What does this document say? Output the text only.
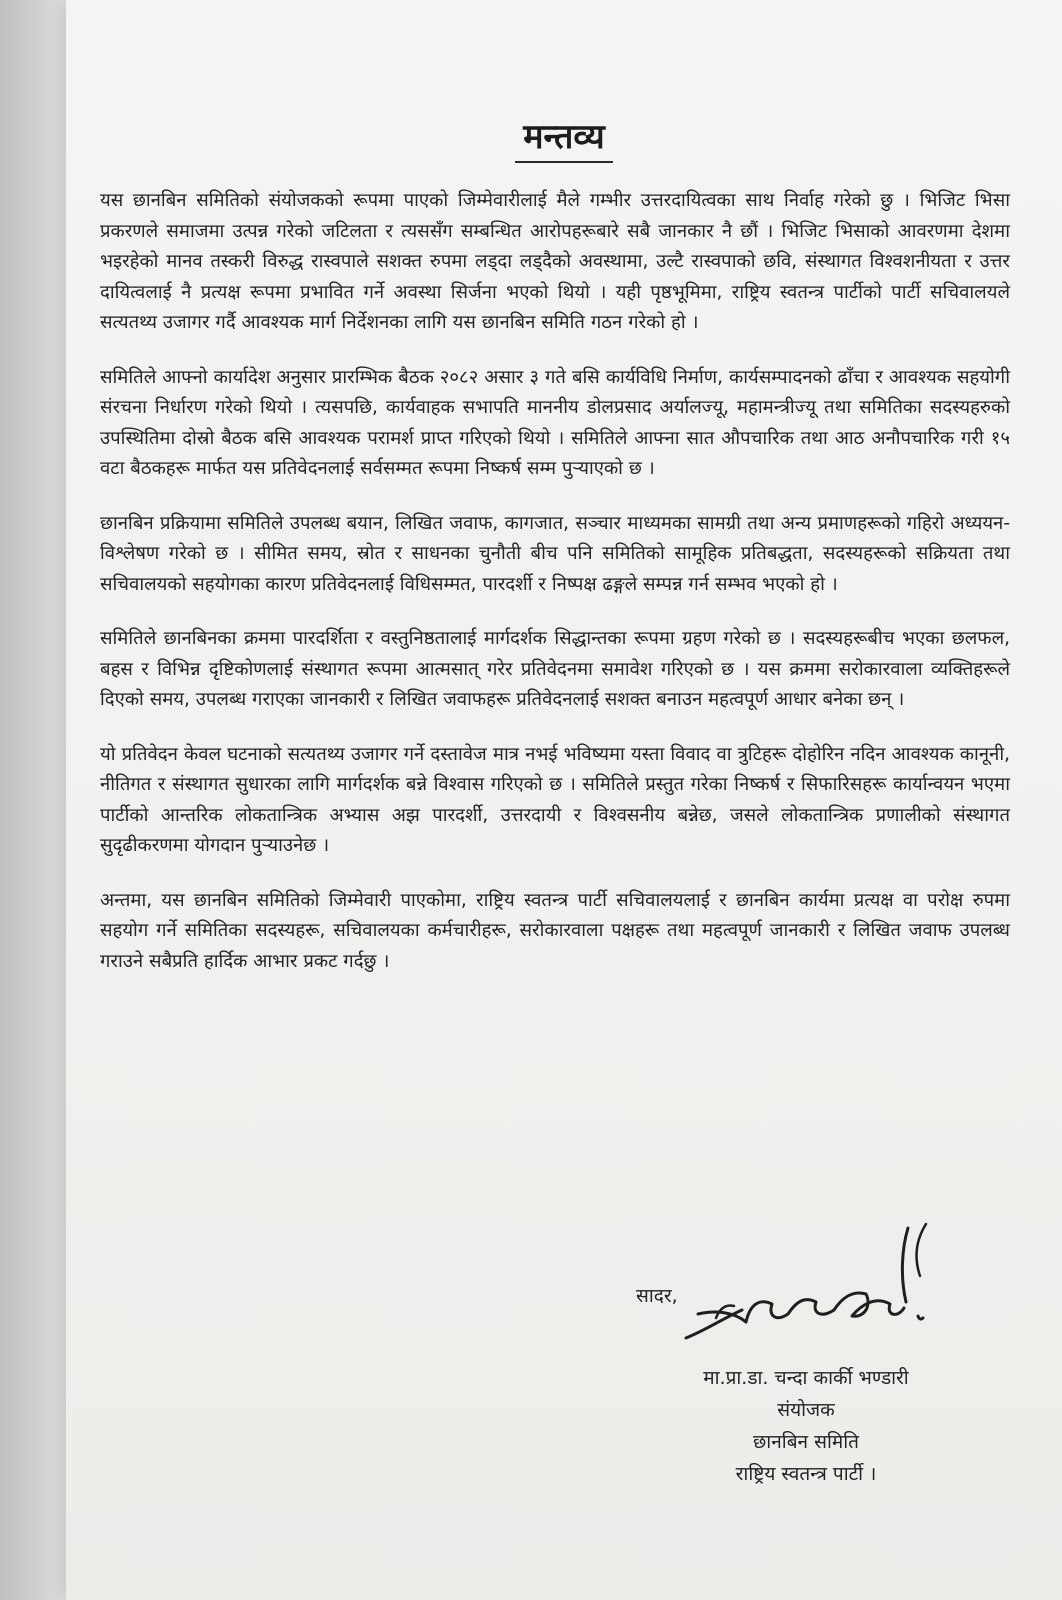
मन्तव्य

यस छानबिन समितिको संयोजकको रूपमा पाएको जिम्मेवारीलाई मैले गम्भीर उत्तरदायित्वका साथ निर्वाह गरेको छु । भिजिट भिसा प्रकरणले समाजमा उत्पन्न गरेको जटिलता र त्यससँग सम्बन्धित आरोपहरूबारे सबै जानकार नै छौं । भिजिट भिसाको आवरणमा देशमा भइरहेको मानव तस्करी विरुद्ध रास्वपाले सशक्त रुपमा लड्दा लड्दैको अवस्थामा, उल्टै रास्वपाको छवि, संस्थागत विश्वशनीयता र उत्तर दायित्वलाई नै प्रत्यक्ष रूपमा प्रभावित गर्ने अवस्था सिर्जना भएको थियो । यही पृष्ठभूमिमा, राष्ट्रिय स्वतन्त्र पार्टीको पार्टी सचिवालयले सत्यतथ्य उजागर गर्दै आवश्यक मार्ग निर्देशनका लागि यस छानबिन समिति गठन गरेको हो ।

समितिले आफ्नो कार्यादेश अनुसार प्रारम्भिक बैठक २०८२ असार ३ गते बसि कार्यविधि निर्माण, कार्यसम्पादनको ढाँचा र आवश्यक सहयोगी संरचना निर्धारण गरेको थियो । त्यसपछि, कार्यवाहक सभापति माननीय डोलप्रसाद अर्यालज्यू, महामन्त्रीज्यू तथा समितिका सदस्यहरुको उपस्थितिमा दोस्रो बैठक बसि आवश्यक परामर्श प्राप्त गरिएको थियो । समितिले आफ्ना सात औपचारिक तथा आठ अनौपचारिक गरी १५ वटा बैठकहरू मार्फत यस प्रतिवेदनलाई सर्वसम्मत रूपमा निष्कर्ष सम्म पुर्‍याएको छ ।

छानबिन प्रक्रियामा समितिले उपलब्ध बयान, लिखित जवाफ, कागजात, सञ्चार माध्यमका सामग्री तथा अन्य प्रमाणहरूको गहिरो अध्ययन-विश्लेषण गरेको छ । सीमित समय, स्रोत र साधनका चुनौती बीच पनि समितिको सामूहिक प्रतिबद्धता, सदस्यहरूको सक्रियता तथा सचिवालयको सहयोगका कारण प्रतिवेदनलाई विधिसम्मत, पारदर्शी र निष्पक्ष ढङ्गले सम्पन्न गर्न सम्भव भएको हो ।

समितिले छानबिनका क्रममा पारदर्शिता र वस्तुनिष्ठतालाई मार्गदर्शक सिद्धान्तका रूपमा ग्रहण गरेको छ । सदस्यहरूबीच भएका छलफल, बहस र विभिन्न दृष्टिकोणलाई संस्थागत रूपमा आत्मसात् गरेर प्रतिवेदनमा समावेश गरिएको छ । यस क्रममा सरोकारवाला व्यक्तिहरूले दिएको समय, उपलब्ध गराएका जानकारी र लिखित जवाफहरू प्रतिवेदनलाई सशक्त बनाउन महत्वपूर्ण आधार बनेका छन् ।

यो प्रतिवेदन केवल घटनाको सत्यतथ्य उजागर गर्ने दस्तावेज मात्र नभई भविष्यमा यस्ता विवाद वा त्रुटिहरू दोहोरिन नदिन आवश्यक कानूनी, नीतिगत र संस्थागत सुधारका लागि मार्गदर्शक बन्ने विश्वास गरिएको छ । समितिले प्रस्तुत गरेका निष्कर्ष र सिफारिसहरू कार्यान्वयन भएमा पार्टीको आन्तरिक लोकतान्त्रिक अभ्यास अझ पारदर्शी, उत्तरदायी र विश्वसनीय बन्नेछ, जसले लोकतान्त्रिक प्रणालीको संस्थागत सुदृढीकरणमा योगदान पुर्‍याउनेछ ।

अन्तमा, यस छानबिन समितिको जिम्मेवारी पाएकोमा, राष्ट्रिय स्वतन्त्र पार्टी सचिवालयलाई र छानबिन कार्यमा प्रत्यक्ष वा परोक्ष रुपमा सहयोग गर्ने समितिका सदस्यहरू, सचिवालयका कर्मचारीहरू, सरोकारवाला पक्षहरू तथा महत्वपूर्ण जानकारी र लिखित जवाफ उपलब्ध गराउने सबैप्रति हार्दिक आभार प्रकट गर्दछु ।

सादर,
मा.प्रा.डा. चन्दा कार्की भण्डारी
संयोजक
छानबिन समिति
राष्ट्रिय स्वतन्त्र पार्टी ।
